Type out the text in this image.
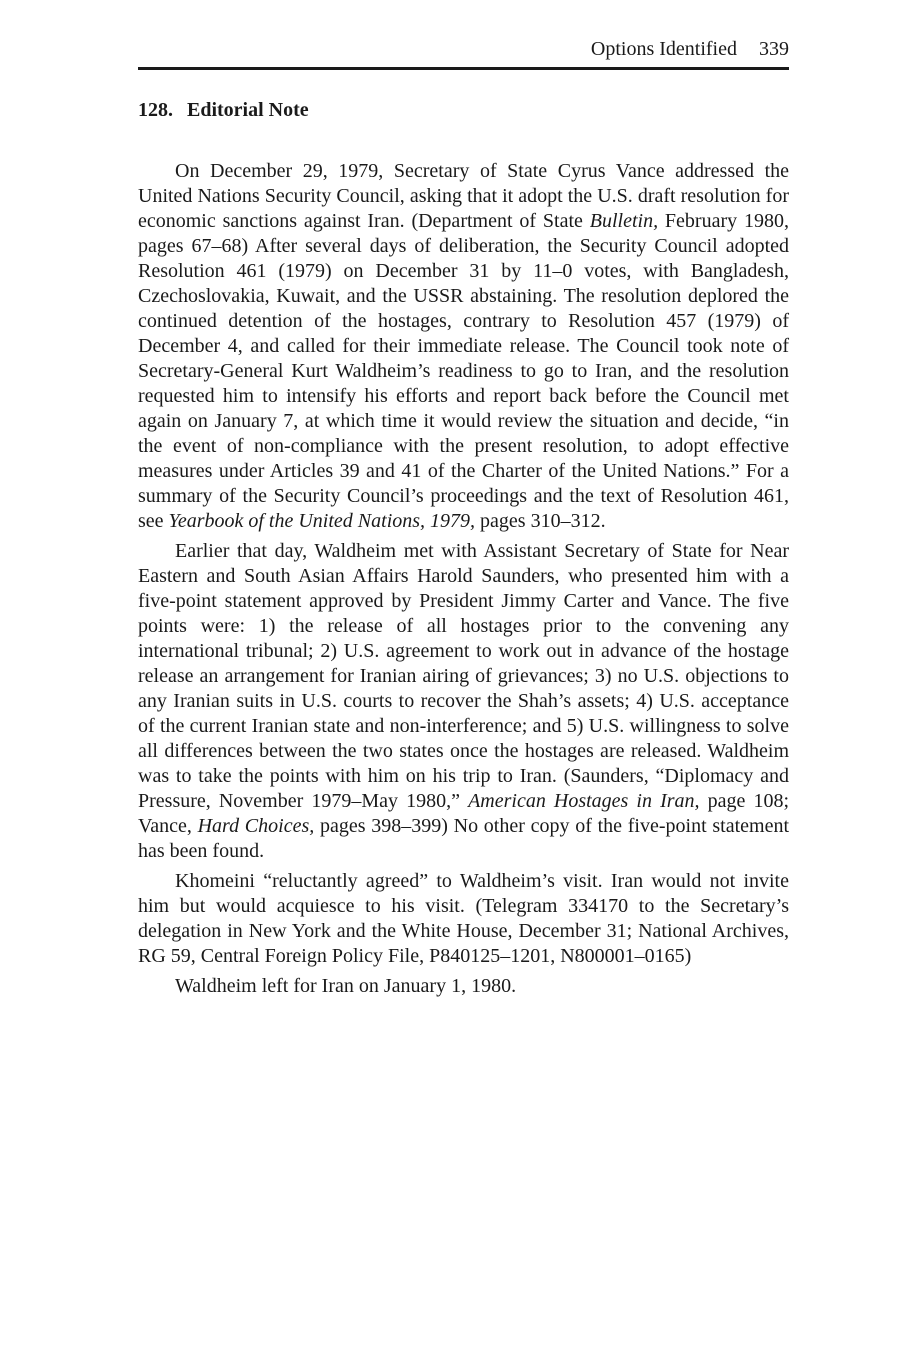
Options Identified 339
128. Editorial Note

On December 29, 1979, Secretary of State Cyrus Vance addressed the United Nations Security Council, asking that it adopt the U.S. draft resolution for economic sanctions against Iran. (Department of State Bulletin, February 1980, pages 67–68) After several days of deliberation, the Security Council adopted Resolution 461 (1979) on December 31 by 11–0 votes, with Bangladesh, Czechoslovakia, Kuwait, and the USSR abstaining. The resolution deplored the continued detention of the hostages, contrary to Resolution 457 (1979) of December 4, and called for their immediate release. The Council took note of Secretary-General Kurt Waldheim’s readiness to go to Iran, and the resolution requested him to intensify his efforts and report back before the Council met again on January 7, at which time it would review the situation and decide, “in the event of non-compliance with the present resolution, to adopt effective measures under Articles 39 and 41 of the Charter of the United Nations.” For a summary of the Security Council’s proceedings and the text of Resolution 461, see Yearbook of the United Nations, 1979, pages 310–312.

Earlier that day, Waldheim met with Assistant Secretary of State for Near Eastern and South Asian Affairs Harold Saunders, who presented him with a five-point statement approved by President Jimmy Carter and Vance. The five points were: 1) the release of all hostages prior to the convening any international tribunal; 2) U.S. agreement to work out in advance of the hostage release an arrangement for Iranian airing of grievances; 3) no U.S. objections to any Iranian suits in U.S. courts to recover the Shah’s assets; 4) U.S. acceptance of the current Iranian state and non-interference; and 5) U.S. willingness to solve all differences between the two states once the hostages are released. Waldheim was to take the points with him on his trip to Iran. (Saunders, “Diplomacy and Pressure, November 1979–May 1980,” American Hostages in Iran, page 108; Vance, Hard Choices, pages 398–399) No other copy of the five-point statement has been found.

Khomeini “reluctantly agreed” to Waldheim’s visit. Iran would not invite him but would acquiesce to his visit. (Telegram 334170 to the Secretary’s delegation in New York and the White House, December 31; National Archives, RG 59, Central Foreign Policy File, P840125–1201, N800001–0165)

Waldheim left for Iran on January 1, 1980.
